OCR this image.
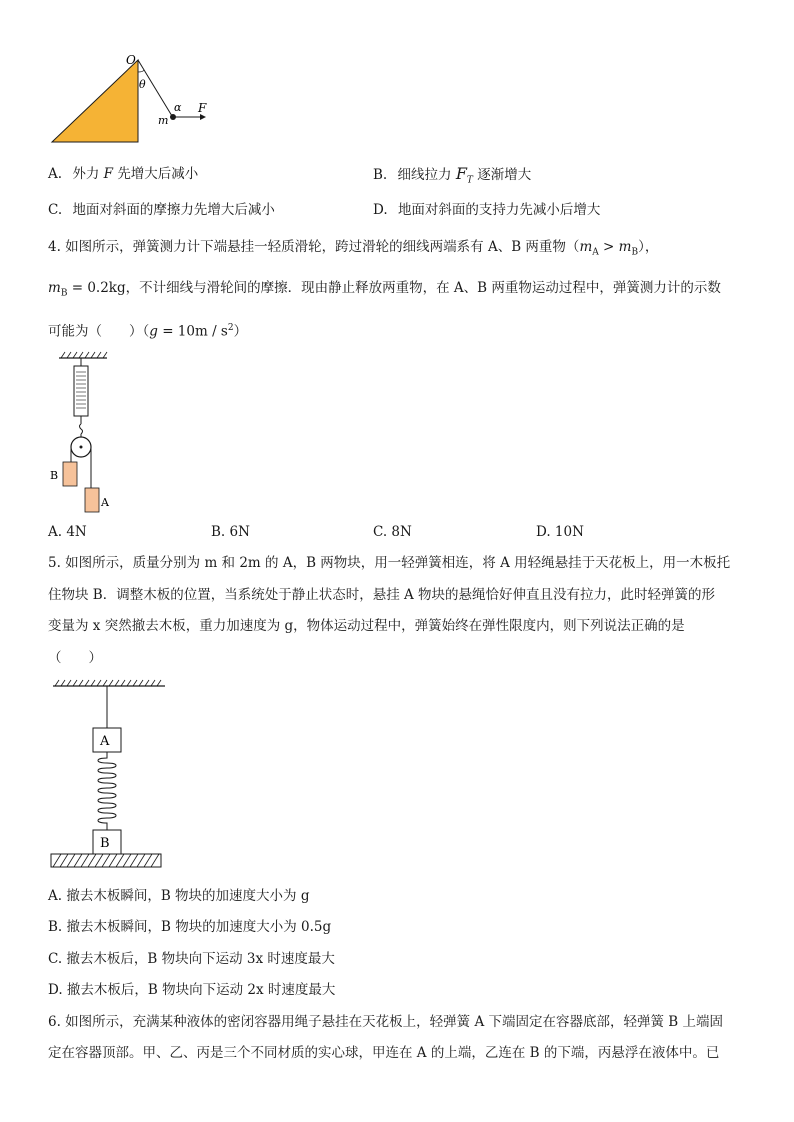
O
θ
α
m
F
A. 外力 F 先增大后减小	B. 细线拉力 $F_T$ 逐渐增大
C. 地面对斜面的摩擦力先增大后减小	D. 地面对斜面的支持力先减小后增大
4. 如图所示，弹簧测力计下端悬挂一轻质滑轮，跨过滑轮的细线两端系有 A、B 两重物$(m_A > m_B)$，
$m_B = 0.2kg$，不计细线与滑轮间的摩擦．现由静止释放两重物，在 A、B 两重物运动过程中，弹簧测力计的示数
可能为（　　）$(g = 10m / s^2)$
B
A
A. 4N	B. 6N	C. 8N	D. 10N
5. 如图所示，质量分别为 m 和 2m 的 A，B 两物块，用一轻弹簧相连，将 A 用轻绳悬挂于天花板上，用一木板托
住物块 B．调整木板的位置，当系统处于静止状态时，悬挂 A 物块的悬绳恰好伸直且没有拉力，此时轻弹簧的形
变量为 x 突然撤去木板，重力加速度为 g，物体运动过程中，弹簧始终在弹性限度内，则下列说法正确的是
（　　）
A
B
A. 撤去木板瞬间，B 物块的加速度大小为 g
B. 撤去木板瞬间，B 物块的加速度大小为 0.5g
C. 撤去木板后，B 物块向下运动 3x 时速度最大
D. 撤去木板后，B 物块向下运动 2x 时速度最大
6. 如图所示，充满某种液体的密闭容器用绳子悬挂在天花板上，轻弹簧 A 下端固定在容器底部，轻弹簧 B 上端固
定在容器顶部。甲、乙、丙是三个不同材质的实心球，甲连在 A 的上端，乙连在 B 的下端，丙悬浮在液体中。已
